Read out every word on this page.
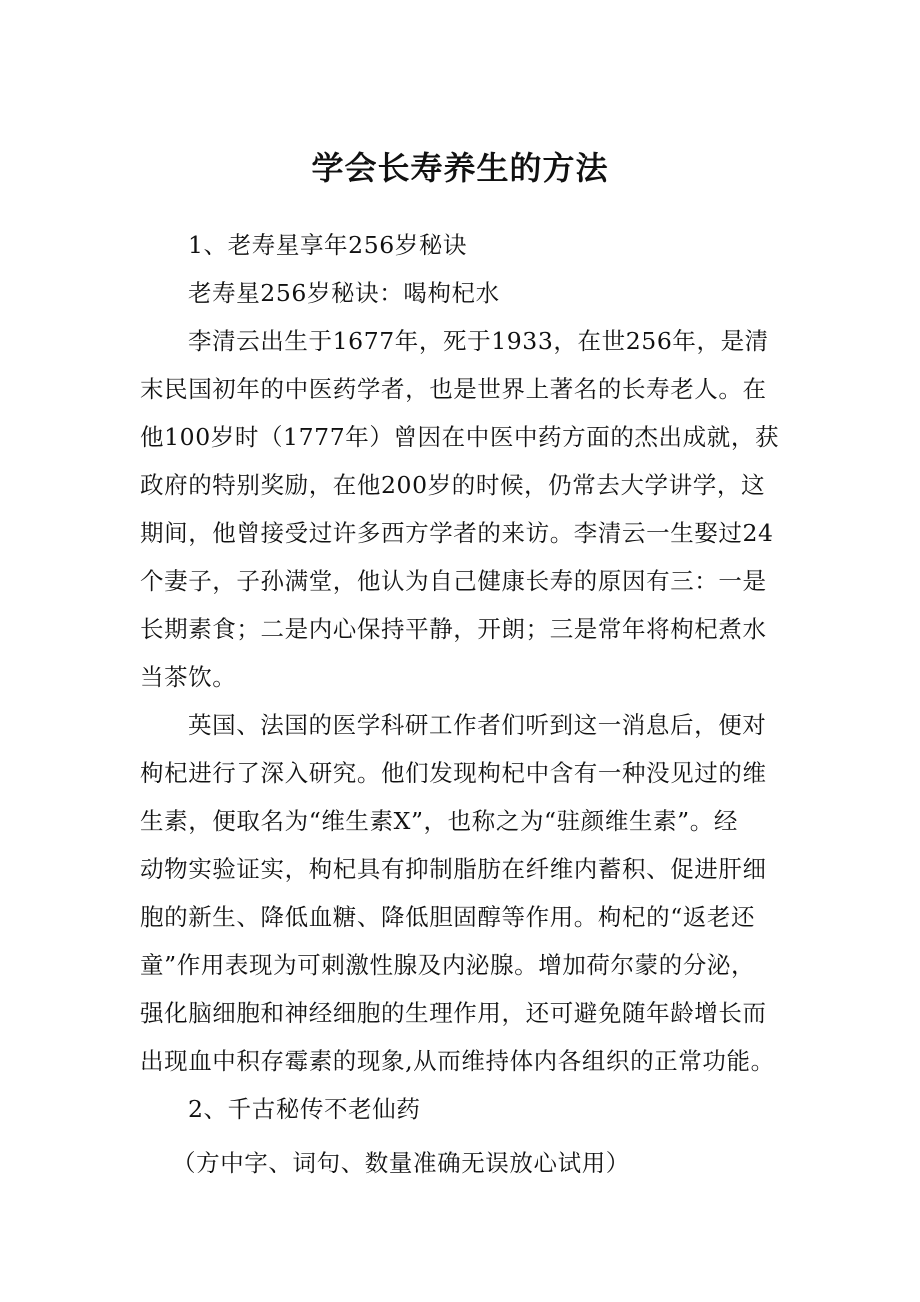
学会长寿养生的方法
1、老寿星享年256岁秘诀
老寿星256岁秘诀：喝枸杞水
李清云出生于1677年，死于1933，在世256年，是清
末民国初年的中医药学者，也是世界上著名的长寿老人。在
他100岁时（1777年）曾因在中医中药方面的杰出成就，获
政府的特别奖励，在他200岁的时候，仍常去大学讲学，这
期间，他曾接受过许多西方学者的来访。李清云一生娶过24
个妻子，子孙满堂，他认为自己健康长寿的原因有三：一是
长期素食；二是内心保持平静，开朗；三是常年将枸杞煮水
当茶饮。
英国、法国的医学科研工作者们听到这一消息后，便对
枸杞进行了深入研究。他们发现枸杞中含有一种没见过的维
生素，便取名为“维生素X”，也称之为“驻颜维生素”。经
动物实验证实，枸杞具有抑制脂肪在纤维内蓄积、促进肝细
胞的新生、降低血糖、降低胆固醇等作用。枸杞的“返老还
童”作用表现为可刺激性腺及内泌腺。增加荷尔蒙的分泌，
强化脑细胞和神经细胞的生理作用，还可避免随年龄增长而
出现血中积存霉素的现象,从而维持体内各组织的正常功能。
2、千古秘传不老仙药
（方中字、词句、数量准确无误放心试用）
